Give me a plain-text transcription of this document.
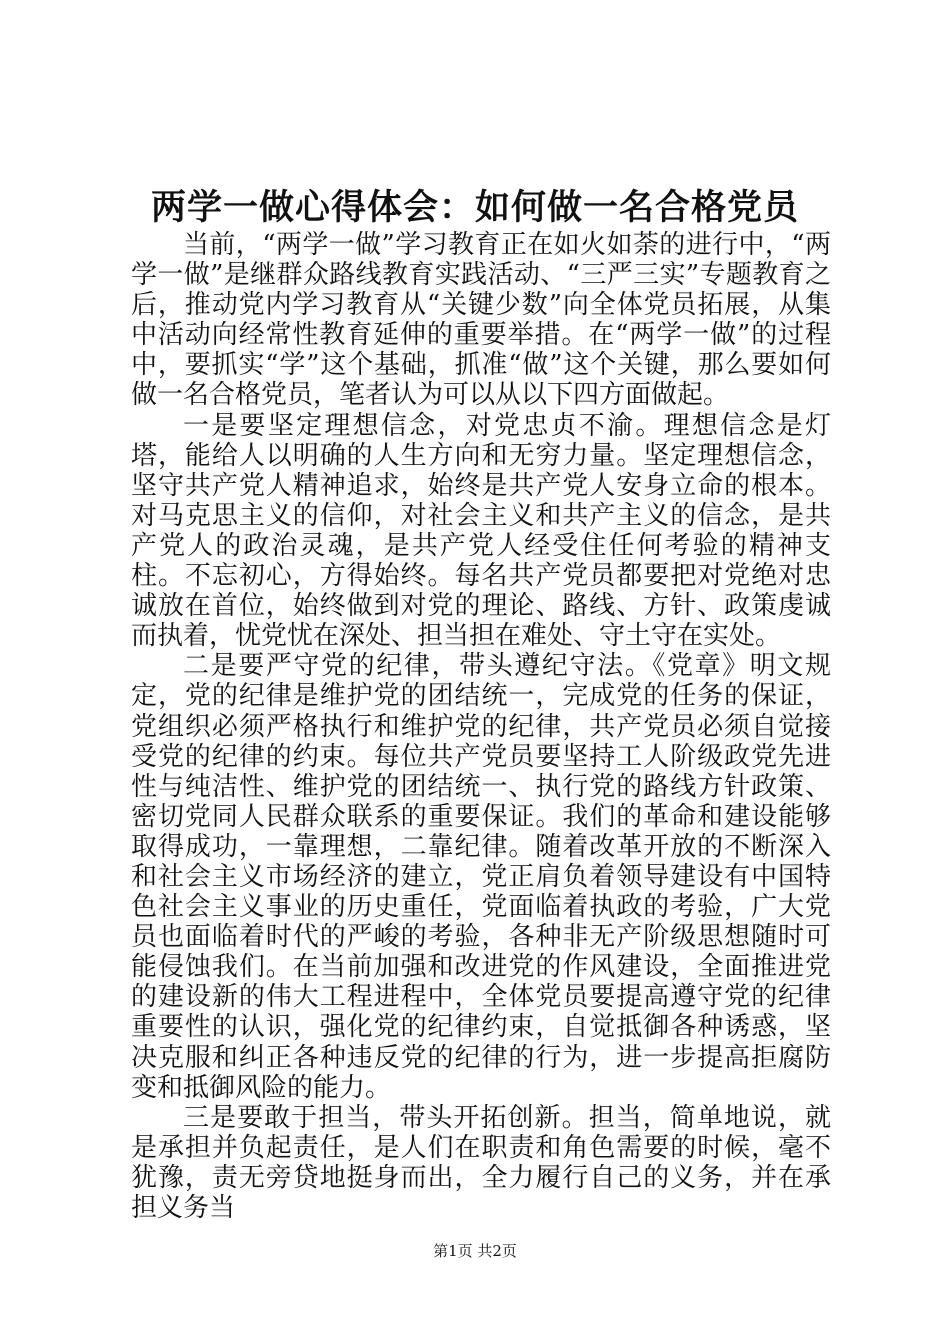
两学一做心得体会：如何做一名合格党员

当前，“两学一做”学习教育正在如火如荼的进行中，“两学一做”是继群众路线教育实践活动、“三严三实”专题教育之后，推动党内学习教育从“关键少数”向全体党员拓展，从集中活动向经常性教育延伸的重要举措。在“两学一做”的过程中，要抓实“学”这个基础，抓准“做”这个关键，那么要如何做一名合格党员，笔者认为可以从以下四方面做起。

一是要坚定理想信念，对党忠贞不渝。理想信念是灯塔，能给人以明确的人生方向和无穷力量。坚定理想信念，坚守共产党人精神追求，始终是共产党人安身立命的根本。对马克思主义的信仰，对社会主义和共产主义的信念，是共产党人的政治灵魂，是共产党人经受住任何考验的精神支柱。不忘初心，方得始终。每名共产党员都要把对党绝对忠诚放在首位，始终做到对党的理论、路线、方针、政策虔诚而执着，忧党忧在深处、担当担在难处、守土守在实处。

二是要严守党的纪律，带头遵纪守法。《党章》明文规定，党的纪律是维护党的团结统一，完成党的任务的保证，党组织必须严格执行和维护党的纪律，共产党员必须自觉接受党的纪律的约束。每位共产党员要坚持工人阶级政党先进性与纯洁性、维护党的团结统一、执行党的路线方针政策、密切党同人民群众联系的重要保证。我们的革命和建设能够取得成功，一靠理想，二靠纪律。随着改革开放的不断深入和社会主义市场经济的建立，党正肩负着领导建设有中国特色社会主义事业的历史重任，党面临着执政的考验，广大党员也面临着时代的严峻的考验，各种非无产阶级思想随时可能侵蚀我们。在当前加强和改进党的作风建设，全面推进党的建设新的伟大工程进程中，全体党员要提高遵守党的纪律重要性的认识，强化党的纪律约束，自觉抵御各种诱惑，坚决克服和纠正各种违反党的纪律的行为，进一步提高拒腐防变和抵御风险的能力。

三是要敢于担当，带头开拓创新。担当，简单地说，就是承担并负起责任，是人们在职责和角色需要的时候，毫不犹豫，责无旁贷地挺身而出，全力履行自己的义务，并在承担义务当

第1页 共2页
